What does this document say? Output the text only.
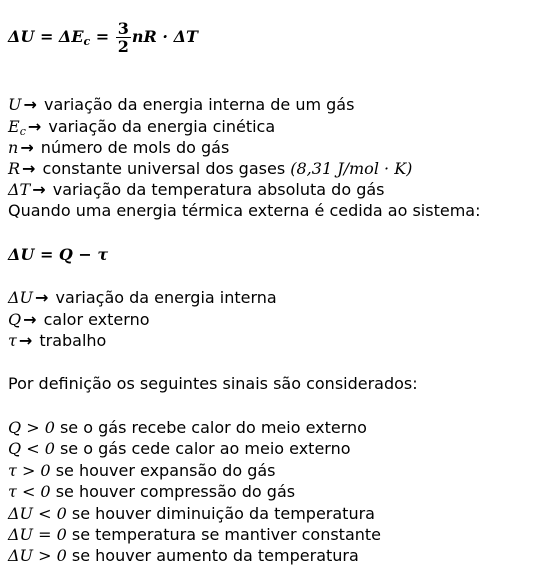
$\Delta U = \Delta E_c = \frac{3}{2}$ nR · ΔT
U → variação da energia interna de um gás
$E_c$ → variação da energia cinética
n → número de mols do gás
R → constante universal dos gases (8,31 J/mol · K)
ΔT → variação da temperatura absoluta do gás
Quando uma energia térmica externa é cedida ao sistema:
ΔU = Q − τ
ΔU → variação da energia interna
Q → calor externo
τ → trabalho
Por definição os seguintes sinais são considerados:
Q > 0 se o gás recebe calor do meio externo
Q < 0 se o gás cede calor ao meio externo
τ > 0 se houver expansão do gás
τ < 0 se houver compressão do gás
ΔU < 0 se houver diminuição da temperatura
ΔU = 0 se temperatura se mantiver constante
ΔU > 0 se houver aumento da temperatura
